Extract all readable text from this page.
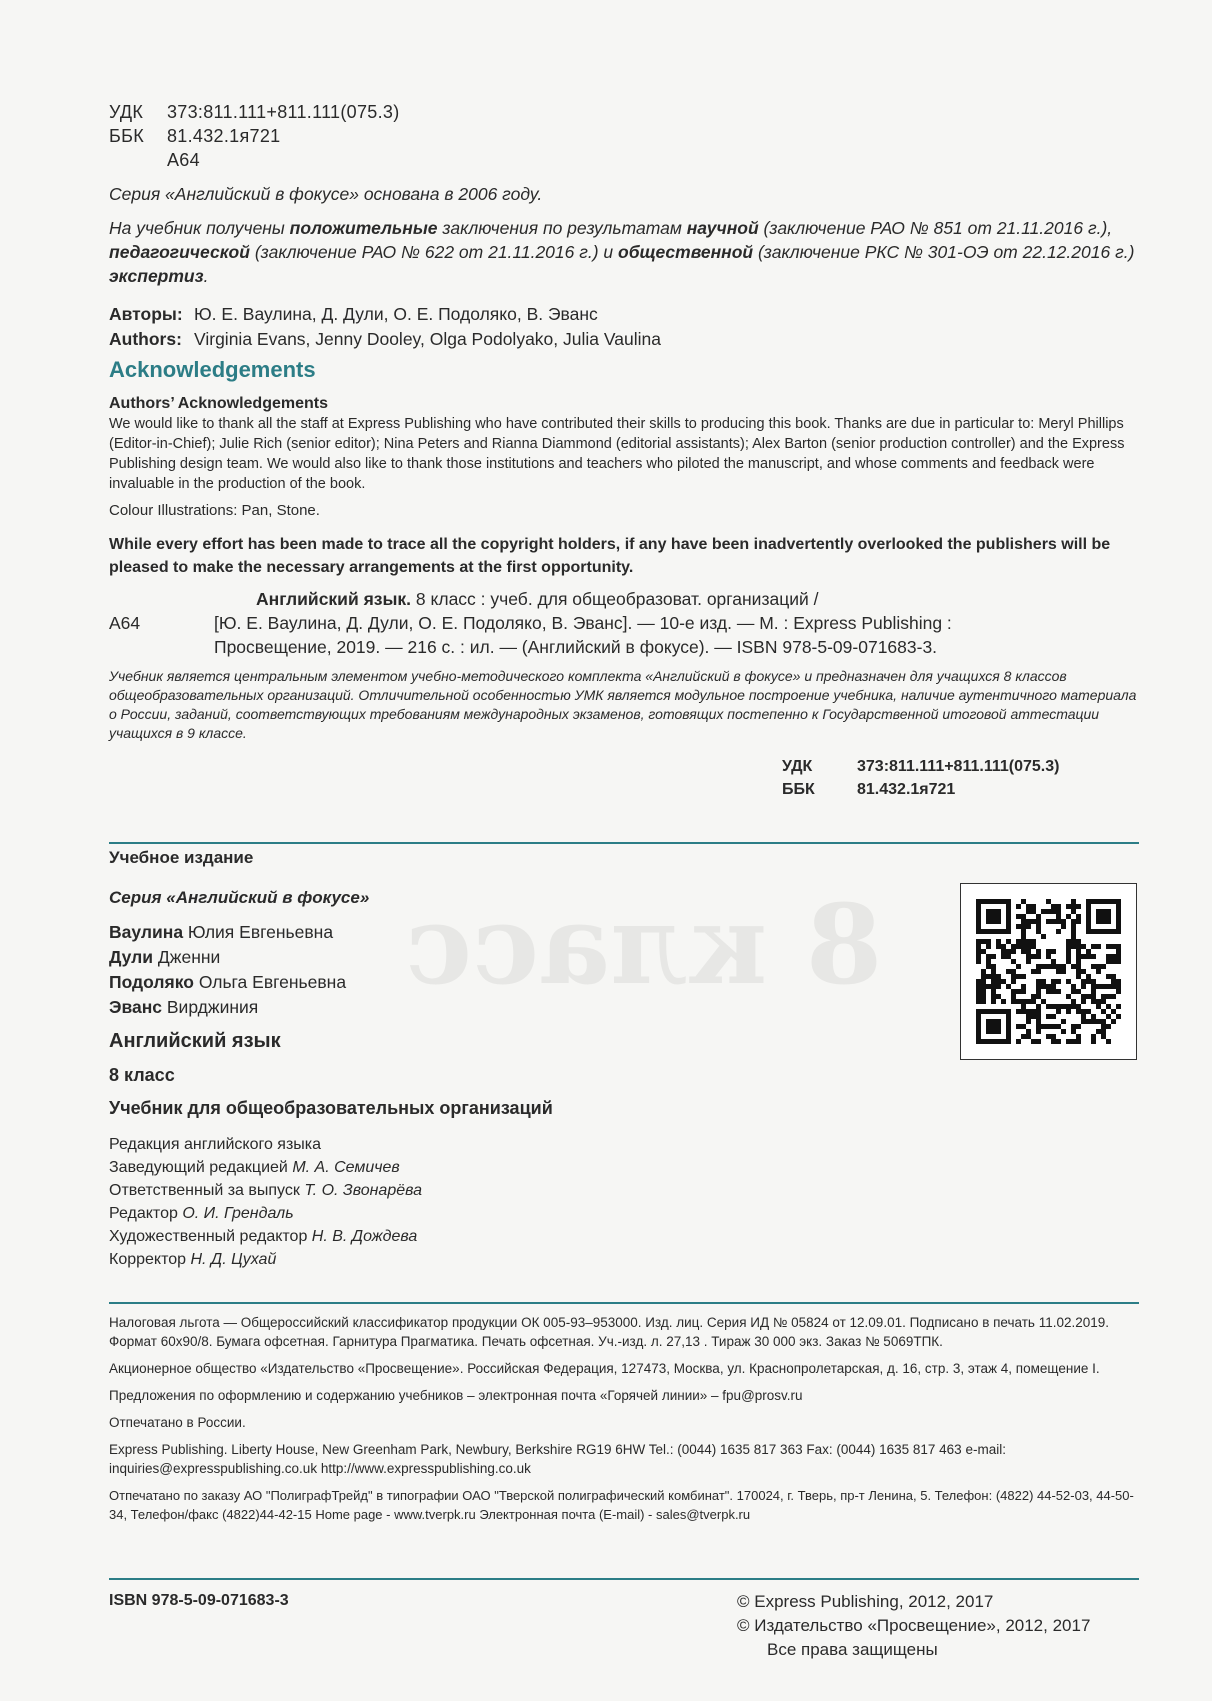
8 класс
УДК	373:811.111+811.111(075.3)
ББК	81.432.1я721
А64
Серия «Английский в фокусе» основана в 2006 году.
На учебник получены положительные заключения по результатам научной (заключение РАО № 851 от 21.11.2016 г.), педагогической (заключение РАО № 622 от 21.11.2016 г.) и общественной (заключение РКС № 301-ОЭ от 22.12.2016 г.) экспертиз.
Авторы: Ю. Е. Ваулина, Д. Дули, О. Е. Подоляко, В. Эванс
Authors: Virginia Evans, Jenny Dooley, Olga Podolyako, Julia Vaulina
Acknowledgements
Authors’ Acknowledgements
We would like to thank all the staff at Express Publishing who have contributed their skills to producing this book. Thanks are due in particular to: Meryl Phillips (Editor-in-Chief); Julie Rich (senior editor); Nina Peters and Rianna Diammond (editorial assistants); Alex Barton (senior production controller) and the Express Publishing design team. We would also like to thank those institutions and teachers who piloted the manuscript, and whose comments and feedback were invaluable in the production of the book.
Colour Illustrations: Pan, Stone.
While every effort has been made to trace all the copyright holders, if any have been inadvertently overlooked the publishers will be pleased to make the necessary arrangements at the first opportunity.
А64
Английский язык. 8 класс : учеб. для общеобразоват. организаций /
[Ю. Е. Ваулина, Д. Дули, О. Е. Подоляко, В. Эванс]. — 10-е изд. — М. : Express Publishing :
Просвещение, 2019. — 216 с. : ил. — (Английский в фокусе). — ISBN 978-5-09-071683-3.
Учебник является центральным элементом учебно-методического комплекта «Английский в фокусе» и предназначен для учащихся 8 классов общеобразовательных организаций. Отличительной особенностью УМК является модульное построение учебника, наличие аутентичного материала о России, заданий, соответствующих требованиям международных экзаменов, готовящих постепенно к Государственной итоговой аттестации учащихся в 9 классе.
УДК	373:811.111+811.111(075.3)
ББК	81.432.1я721
Учебное издание
Серия «Английский в фокусе»
Ваулина Юлия Евгеньевна
Дули Дженни
Подоляко Ольга Евгеньевна
Эванс Вирджиния
Английский язык
8 класс
Учебник для общеобразовательных организаций
Редакция английского языка
Заведующий редакцией М. А. Семичев
Ответственный за выпуск Т. О. Звонарёва
Редактор О. И. Грендаль
Художественный редактор Н. В. Дождева
Корректор Н. Д. Цухай

Налоговая льгота — Общероссийский классификатор продукции ОК 005-93–953000. Изд. лиц. Серия ИД № 05824 от 12.09.01. Подписано в печать 11.02.2019. Формат 60х90/8. Бумага офсетная. Гарнитура Прагматика. Печать офсетная. Уч.-изд. л. 27,13 . Тираж 30 000 экз. Заказ № 5069ТПК.

Акционерное общество «Издательство «Просвещение». Российская Федерация, 127473, Москва, ул. Краснопролетарская, д. 16, стр. 3, этаж 4, помещение I.

Предложения по оформлению и содержанию учебников – электронная почта «Горячей линии» – fpu@prosv.ru

Отпечатано в России.

Express Publishing. Liberty House, New Greenham Park, Newbury, Berkshire RG19 6HW Tel.: (0044) 1635 817 363 Fax: (0044) 1635 817 463 e-mail: inquiries@expresspublishing.co.uk http://www.expresspublishing.co.uk

Отпечатано по заказу АО "ПолиграфТрейд" в типографии ОАО "Тверской полиграфический комбинат". 170024, г. Тверь, пр-т Ленина, 5. Телефон: (4822) 44-52-03, 44-50-34, Телефон/факс (4822)44-42-15 Home page - www.tverpk.ru Электронная почта (E-mail) - sales@tverpk.ru

ISBN 978-5-09-071683-3	© Express Publishing, 2012, 2017
© Издательство «Просвещение», 2012, 2017
Все права защищены
